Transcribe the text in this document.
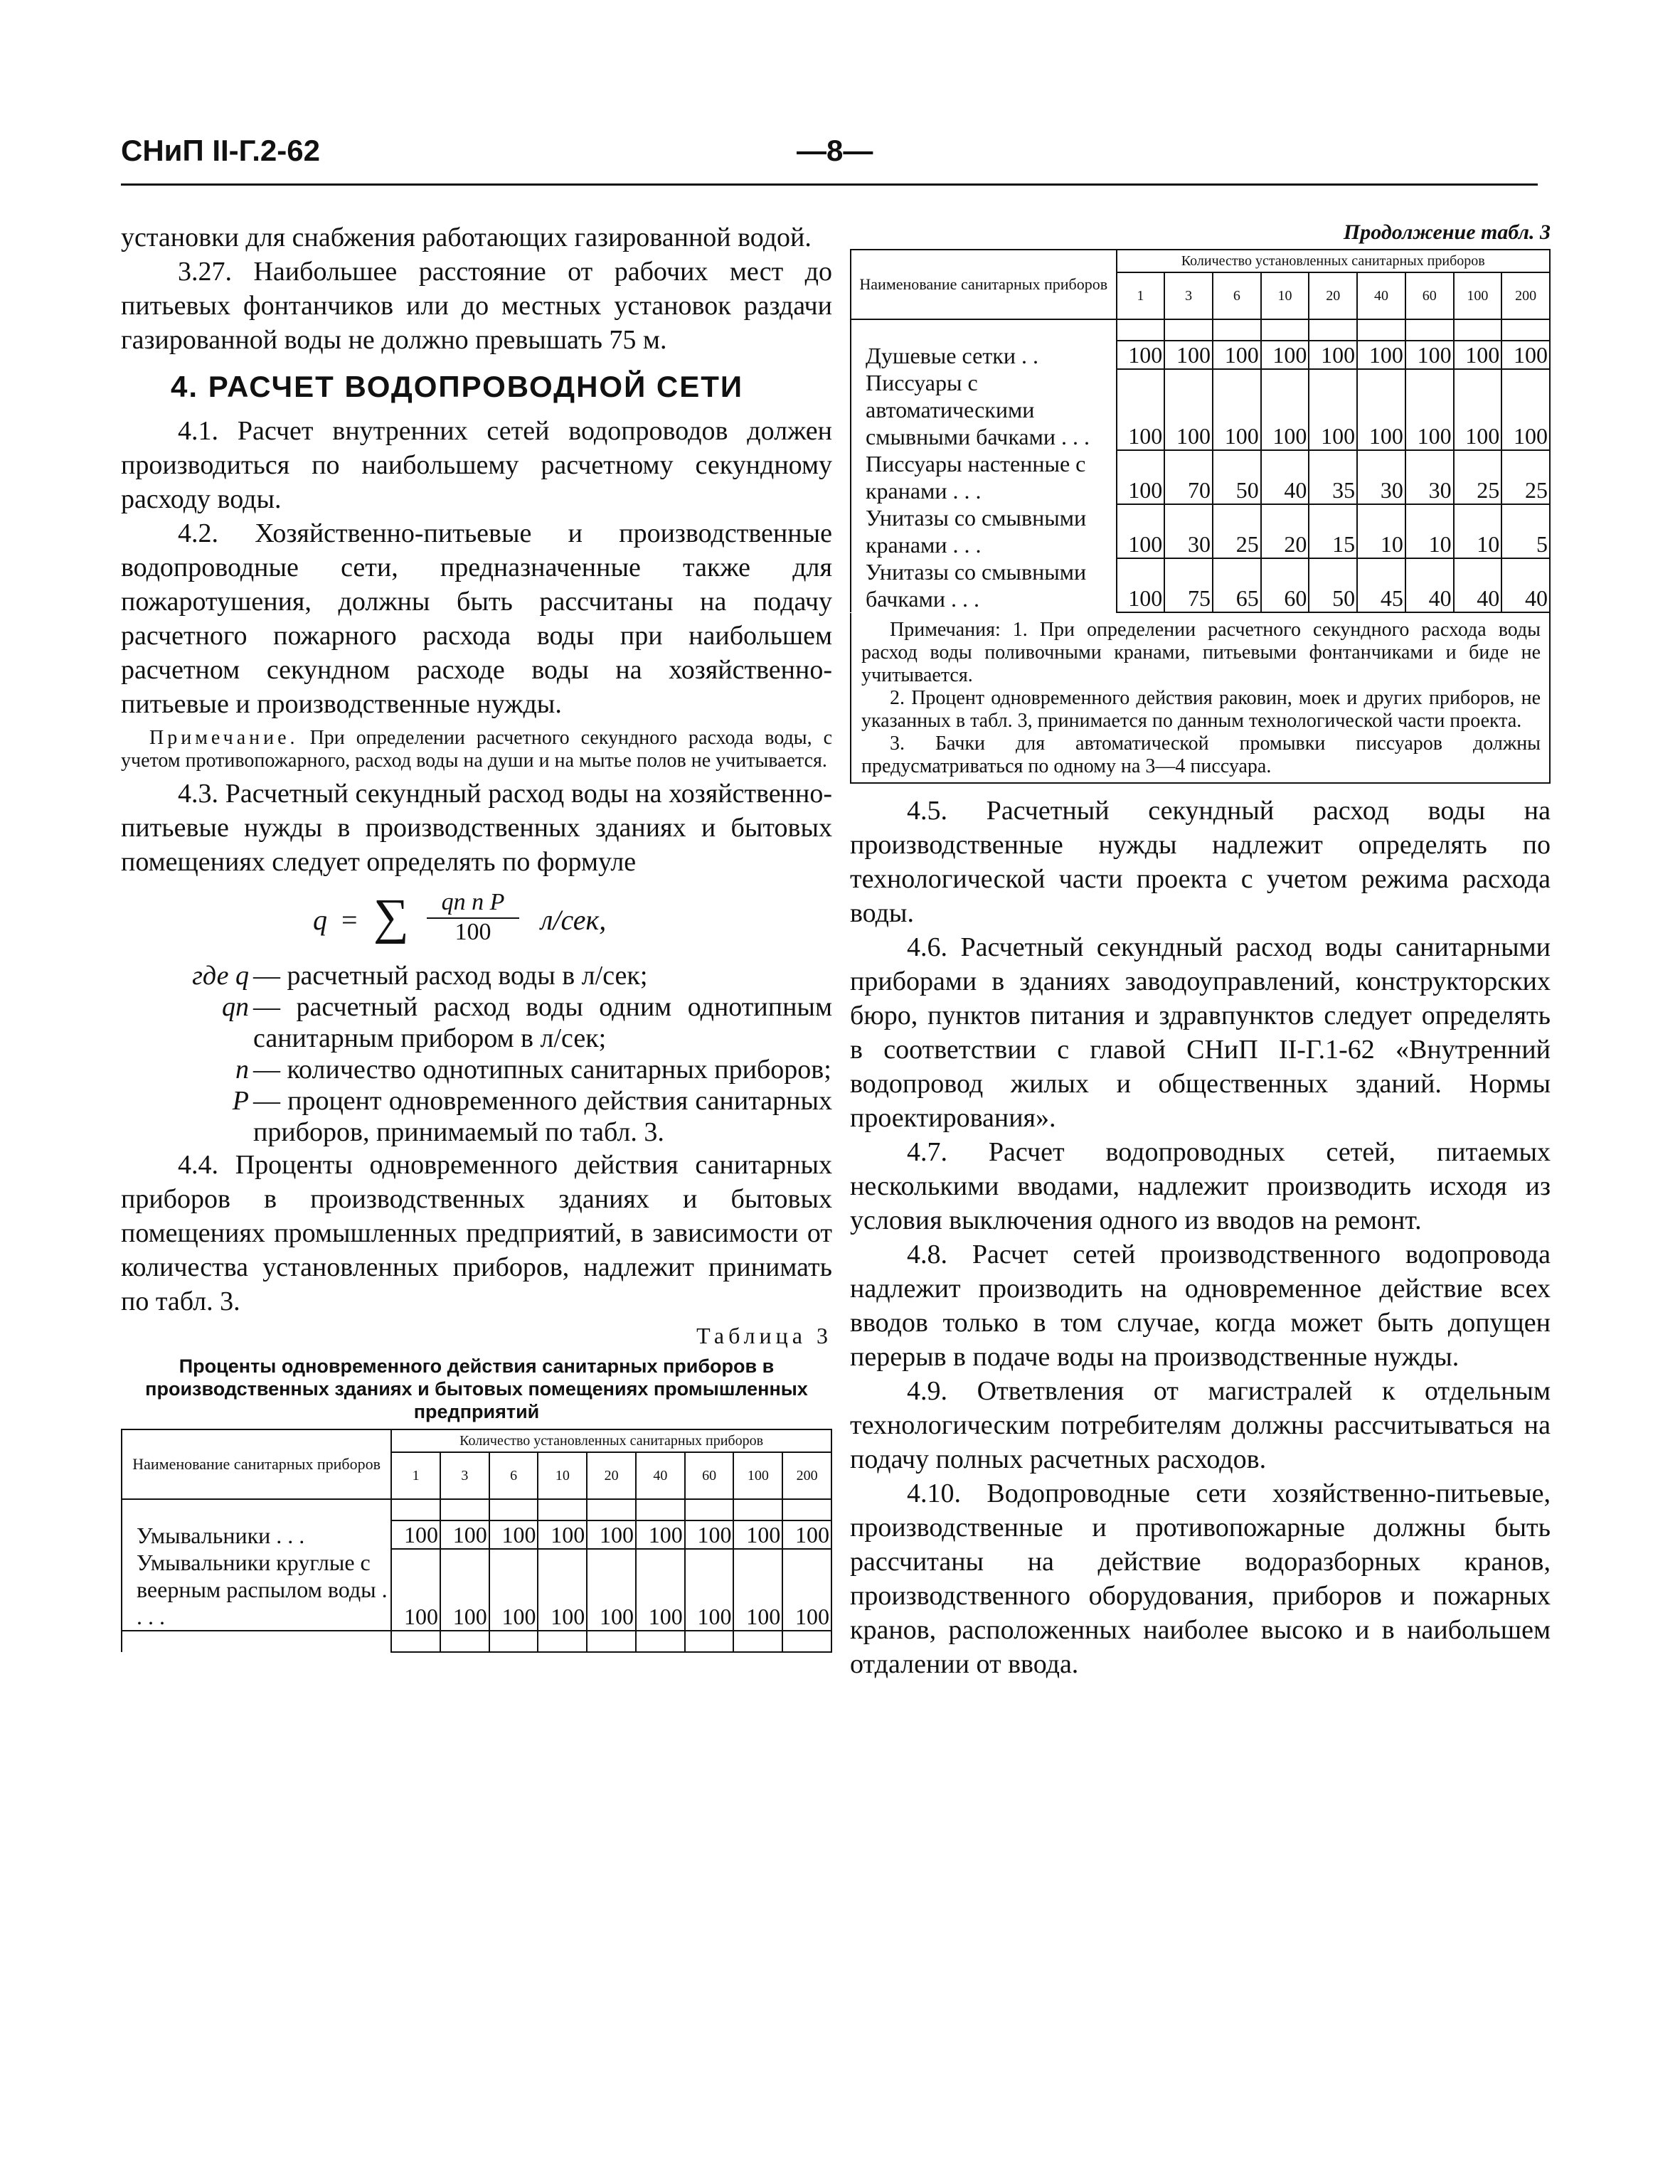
СНиП II-Г.2-62	—8—

установки для снабжения работающих газированной водой.

3.27. Наибольшее расстояние от рабочих мест до питьевых фонтанчиков или до местных установок раздачи газированной воды не должно превышать 75 м.

4. РАСЧЕТ ВОДОПРОВОДНОЙ СЕТИ

4.1. Расчет внутренних сетей водопроводов должен производиться по наибольшему расчетному секундному расходу воды.

4.2. Хозяйственно-питьевые и производственные водопроводные сети, предназначенные также для пожаротушения, должны быть рассчитаны на подачу расчетного пожарного расхода воды при наибольшем расчетном секундном расходе воды на хозяйственно-питьевые и производственные нужды.

Примечание. При определении расчетного секундного расхода воды, с учетом противопожарного, расход воды на души и на мытье полов не учитывается.

4.3. Расчетный секундный расход воды на хозяйственно-питьевые нужды в производственных зданиях и бытовых помещениях следует определять по формуле

q = ∑	qп n P
100	л/сек,
где q — расчетный расход воды в л/сек;
qп — расчетный расход воды одним однотипным санитарным прибором в л/сек;
n — количество однотипных санитарных приборов;
P — процент одновременного действия санитарных приборов, принимаемый по табл. 3.

4.4. Проценты одновременного действия санитарных приборов в производственных зданиях и бытовых помещениях промышленных предприятий, в зависимости от количества установленных приборов, надлежит принимать по табл. 3.

Таблица 3
Проценты одновременного действия санитарных приборов в производственных зданиях и бытовых помещениях промышленных предприятий
Наименование санитарных приборов	Количество установленных санитарных приборов								
	1	3	6	10	20	40	60	100	200

Умывальники . . .	100	100	100	100	100	100	100	100	100
Умывальники круглые с веерным распылом воды . . . .	100	100	100	100	100	100	100	100	100

Продолжение табл. 3
Наименование санитарных приборов	Количество установленных санитарных приборов								
	1	3	6	10	20	40	60	100	200

Душевые сетки . .	100	100	100	100	100	100	100	100	100
Писсуары с автоматическими смывными бачками . . .	100	100	100	100	100	100	100	100	100
Писсуары настенные с кранами . . .	100	70	50	40	35	30	30	25	25
Унитазы со смывными кранами . . .	100	30	25	20	15	10	10	10	5
Унитазы со смывными бачками . . .	100	75	65	60	50	45	40	40	40

Примечания: 1. При определении расчетного секундного расхода воды расход воды поливочными кранами, питьевыми фонтанчиками и биде не учитывается.

2. Процент одновременного действия раковин, моек и других приборов, не указанных в табл. 3, принимается по данным технологической части проекта.

3. Бачки для автоматической промывки писсуаров должны предусматриваться по одному на 3—4 писсуара.

4.5. Расчетный секундный расход воды на производственные нужды надлежит определять по технологической части проекта с учетом режима расхода воды.

4.6. Расчетный секундный расход воды санитарными приборами в зданиях заводоуправлений, конструкторских бюро, пунктов питания и здравпунктов следует определять в соответствии с главой СНиП II-Г.1-62 «Внутренний водопровод жилых и общественных зданий. Нормы проектирования».

4.7. Расчет водопроводных сетей, питаемых несколькими вводами, надлежит производить исходя из условия выключения одного из вводов на ремонт.

4.8. Расчет сетей производственного водопровода надлежит производить на одновременное действие всех вводов только в том случае, когда может быть допущен перерыв в подаче воды на производственные нужды.

4.9. Ответвления от магистралей к отдельным технологическим потребителям должны рассчитываться на подачу полных расчетных расходов.

4.10. Водопроводные сети хозяйственно-питьевые, производственные и противопожарные должны быть рассчитаны на действие водоразборных кранов, производственного оборудования, приборов и пожарных кранов, расположенных наиболее высоко и в наибольшем отдалении от ввода.
